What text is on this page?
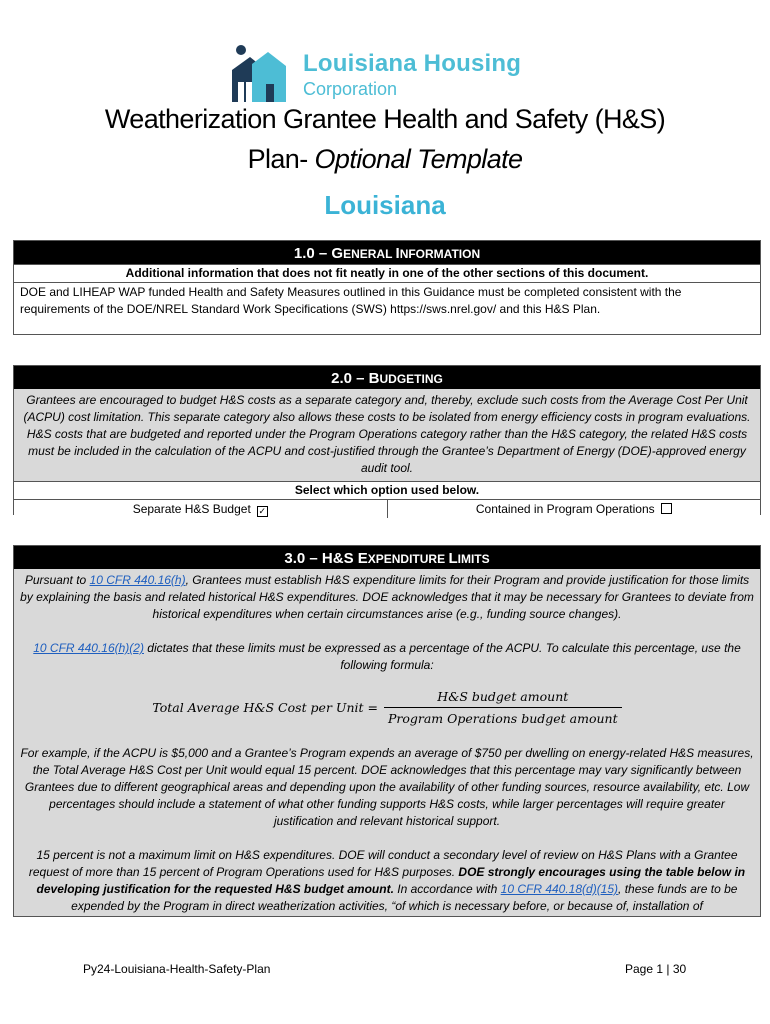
Louisiana Housing
Corporation
Weatherization Grantee Health and Safety (H&S)
Plan- Optional Template
Louisiana
1.0 – GENERAL INFORMATION
Additional information that does not fit neatly in one of the other sections of this document.
DOE and LIHEAP WAP funded Health and Safety Measures outlined in this Guidance must be completed consistent with the requirements of the DOE/NREL Standard Work Specifications (SWS) https://sws.nrel.gov/ and this H&S Plan.
2.0 – BUDGETING
Grantees are encouraged to budget H&S costs as a separate category and, thereby, exclude such costs from the Average Cost Per Unit (ACPU) cost limitation. This separate category also allows these costs to be isolated from energy efficiency costs in program evaluations. H&S costs that are budgeted and reported under the Program Operations category rather than the H&S category, the related H&S costs must be included in the calculation of the ACPU and cost-justified through the Grantee’s Department of Energy (DOE)-approved energy audit tool.
Select which option used below.
Separate H&S Budget ✓	Contained in Program Operations
3.0 – H&S EXPENDITURE LIMITS
Pursuant to 10 CFR 440.16(h), Grantees must establish H&S expenditure limits for their Program and provide justification for those limits by explaining the basis and related historical H&S expenditures. DOE acknowledges that it may be necessary for Grantees to deviate from historical expenditures when certain circumstances arise (e.g., funding source changes).
10 CFR 440.16(h)(2) dictates that these limits must be expressed as a percentage of the ACPU. To calculate this percentage, use the following formula:
Total Average H&S Cost per Unit = $\frac{\text{H\&S budget amount}}{\text{Program Operations budget amount}}$
For example, if the ACPU is $5,000 and a Grantee’s Program expends an average of $750 per dwelling on energy-related H&S measures, the Total Average H&S Cost per Unit would equal 15 percent. DOE acknowledges that this percentage may vary significantly between Grantees due to different geographical areas and depending upon the availability of other funding sources, resource availability, etc. Low percentages should include a statement of what other funding supports H&S costs, while larger percentages will require greater justification and relevant historical support.
15 percent is not a maximum limit on H&S expenditures. DOE will conduct a secondary level of review on H&S Plans with a Grantee request of more than 15 percent of Program Operations used for H&S purposes. DOE strongly encourages using the table below in developing justification for the requested H&S budget amount. In accordance with 10 CFR 440.18(d)(15), these funds are to be expended by the Program in direct weatherization activities, “of which is necessary before, or because of, installation of
Py24-Louisiana-Health-Safety-Plan	Page 1 | 30
